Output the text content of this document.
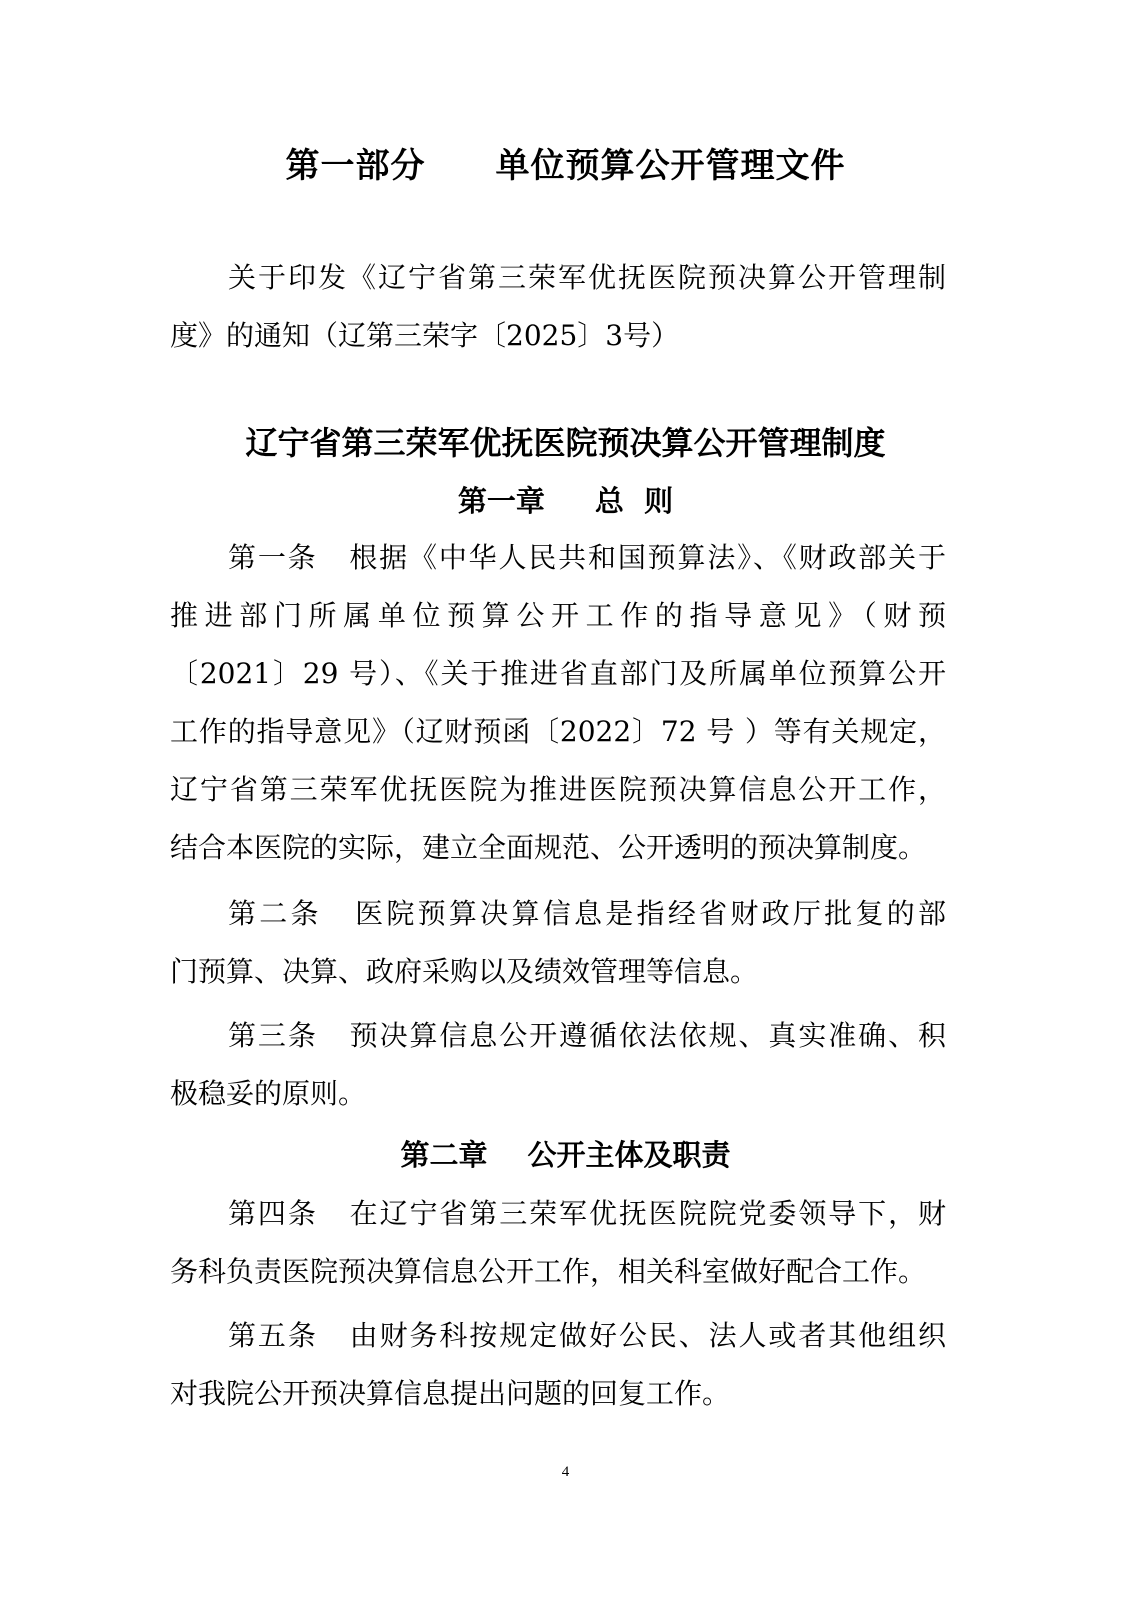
第一部分 单位预算公开管理文件

关于印发《辽宁省第三荣军优抚医院预决算公开管理制

度》的通知（辽第三荣字〔2025〕3号）

辽宁省第三荣军优抚医院预决算公开管理制度
第一章 总  则

第一条 根据《中华人民共和国预算法》、《财政部关于

推进部门所属单位预算公开工作的指导意见》（财预

〔2021〕29 号）、《关于推进省直部门及所属单位预算公开

工作的指导意见》（辽财预函〔2022〕72 号 ）等有关规定，

辽宁省第三荣军优抚医院为推进医院预决算信息公开工作，

结合本医院的实际，建立全面规范、公开透明的预决算制度。

第二条 医院预算决算信息是指经省财政厅批复的部

门预算、决算、政府采购以及绩效管理等信息。

第三条 预决算信息公开遵循依法依规、真实准确、积

极稳妥的原则。

第二章 公开主体及职责

第四条 在辽宁省第三荣军优抚医院院党委领导下，财

务科负责医院预决算信息公开工作，相关科室做好配合工作。

第五条 由财务科按规定做好公民、法人或者其他组织

对我院公开预决算信息提出问题的回复工作。

4
